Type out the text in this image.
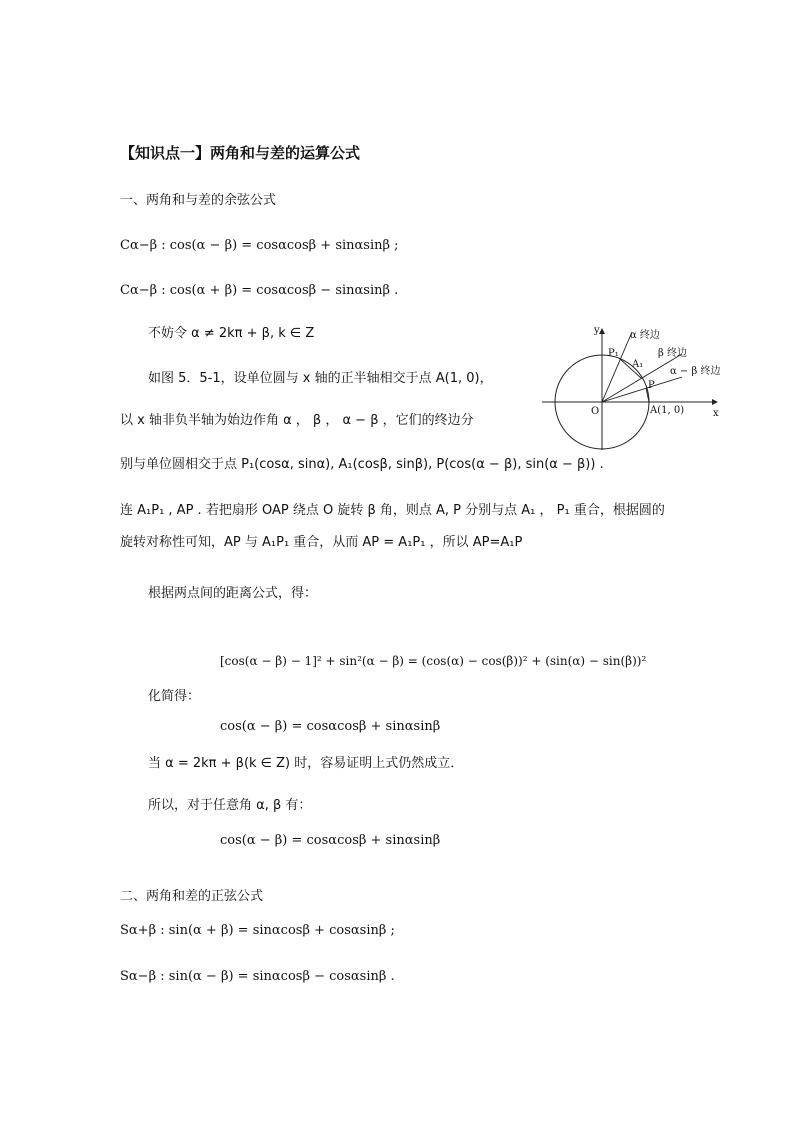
【知识点一】两角和与差的运算公式
一、两角和与差的余弦公式
Cα−β : cos(α − β) = cosαcosβ + sinαsinβ ;
Cα−β : cos(α + β) = cosαcosβ − sinαsinβ .
不妨令 α ≠ 2kπ + β, k ∈ Z
如图 5．5-1，设单位圆与 x 轴的正半轴相交于点 A(1, 0)，
以 x 轴非负半轴为始边作角 α ， β ， α − β ，它们的终边分
别与单位圆相交于点 P₁(cosα, sinα), A₁(cosβ, sinβ), P(cos(α − β), sin(α − β)) .
连 A₁P₁ , AP . 若把扇形 OAP 绕点 O 旋转 β 角，则点 A, P 分别与点 A₁ ， P₁ 重合，根据圆的
旋转对称性可知，AP 与 A₁P₁ 重合，从而 AP = A₁P₁ ，所以 AP=A₁P
根据两点间的距离公式，得：
[cos(α − β) − 1]² + sin²(α − β) = (cos(α) − cos(β))² + (sin(α) − sin(β))²
化简得：
cos(α − β) = cosαcosβ + sinαsinβ
当 α = 2kπ + β(k ∈ Z) 时，容易证明上式仍然成立．
所以，对于任意角 α, β 有：
cos(α − β) = cosαcosβ + sinαsinβ
二、两角和差的正弦公式
Sα+β : sin(α + β) = sinαcosβ + cosαsinβ ;
Sα−β : sin(α − β) = sinαcosβ − cosαsinβ .
y
x
O	A(1, 0)
P₁
A₁
P
α 终边
β 终边
α − β 终边
